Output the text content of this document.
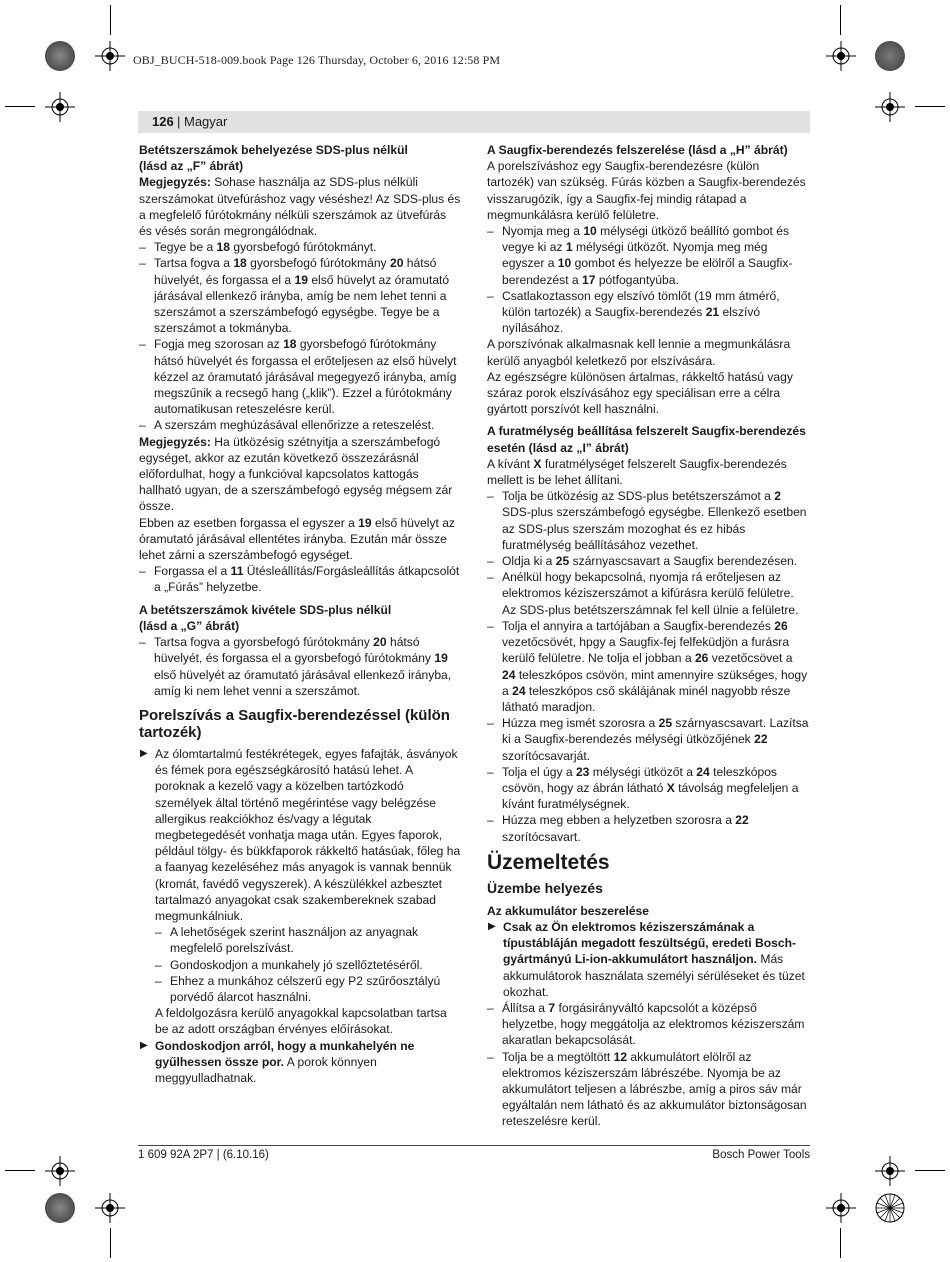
OBJ_BUCH-518-009.book Page 126 Thursday, October 6, 2016 12:58 PM
126 | Magyar

Betétszerszámok behelyezése SDS-plus nélkül
(lásd az „F” ábrát)

Megjegyzés: Sohase használja az SDS-plus nélküli szerszámokat ütvefúráshoz vagy véséshez! Az SDS-plus és a megfelelő fúrótokmány nélküli szerszámok az ütvefúrás és vésés során megrongálódnak.

– Tegye be a 18 gyorsbefogó fúrótokmányt.
– Tartsa fogva a 18 gyorsbefogó fúrótokmány 20 hátsó hüvelyét, és forgassa el a 19 első hüvelyt az óramutató járásával ellenkező irányba, amíg be nem lehet tenni a szerszámot a szerszámbefogó egységbe. Tegye be a szerszámot a tokmányba.
– Fogja meg szorosan az 18 gyorsbefogó fúrótokmány hátsó hüvelyét és forgassa el erőteljesen az első hüvelyt kézzel az óramutató járásával megegyező irányba, amíg megszűnik a recsegő hang („klik”). Ezzel a fúrótokmány automatikusan reteszelésre kerül.
– A szerszám meghúzásával ellenőrizze a reteszelést.

Megjegyzés: Ha ütközésig szétnyitja a szerszámbefogó egységet, akkor az ezután következő összezárásnál előfordulhat, hogy a funkcióval kapcsolatos kattogás hallható ugyan, de a szerszámbefogó egység mégsem zár össze.

Ebben az esetben forgassa el egyszer a 19 első hüvelyt az óramutató járásával ellentétes irányba. Ezután már össze lehet zárni a szerszámbefogó egységet.

– Forgassa el a 11 Ütésleállítás/Forgásleállítás átkapcsolót a „Fúrás” helyzetbe.

A betétszerszámok kivétele SDS-plus nélkül
(lásd a „G” ábrát)

– Tartsa fogva a gyorsbefogó fúrótokmány 20 hátsó hüvelyét, és forgassa el a gyorsbefogó fúrótokmány 19 első hüvelyét az óramutató járásával ellenkező irányba, amíg ki nem lehet venni a szerszámot.

Porelszívás a Saugfix-berendezéssel (külön tartozék)

▶ Az ólomtartalmú festékrétegek, egyes fafajták, ásványok és fémek pora egészségkárosító hatású lehet. A poroknak a kezelő vagy a közelben tartózkodó személyek által történő megérintése vagy belégzése allergikus reakciókhoz és/vagy a légutak megbetegedését vonhatja maga után. Egyes faporok, például tölgy- és bükkfaporok rákkeltő hatásúak, főleg ha a faanyag kezeléséhez más anyagok is vannak bennük (kromát, favédő vegyszerek). A készülékkel azbesztet tartalmazó anyagokat csak szakembereknek szabad megmunkálniuk.

– A lehetőségek szerint használjon az anyagnak megfelelő porelszívást.
– Gondoskodjon a munkahely jó szellőztetéséről.
– Ehhez a munkához célszerű egy P2 szűrőosztályú porvédő álarcot használni.

A feldolgozásra kerülő anyagokkal kapcsolatban tartsa be az adott országban érvényes előírásokat.

▶ Gondoskodjon arról, hogy a munkahelyén ne gyűlhessen össze por. A porok könnyen meggyulladhatnak.

A Saugfix-berendezés felszerelése (lásd a „H” ábrát)

A porelszíváshoz egy Saugfix-berendezésre (külön tartozék) van szükség. Fúrás közben a Saugfix-berendezés visszarugózik, így a Saugfix-fej mindig rátapad a megmunkálásra kerülő felületre.

– Nyomja meg a 10 mélységi ütköző beállító gombot és vegye ki az 1 mélységi ütközőt. Nyomja meg még egyszer a 10 gombot és helyezze be elölről a Saugfix-berendezést a 17 pótfogantyúba.
– Csatlakoztasson egy elszívó tömlőt (19 mm átmérő, külön tartozék) a Saugfix-berendezés 21 elszívó nyílásához.

A porszívónak alkalmasnak kell lennie a megmunkálásra kerülő anyagból keletkező por elszívására.

Az egészségre különösen ártalmas, rákkeltő hatású vagy száraz porok elszívásához egy speciálisan erre a célra gyártott porszívót kell használni.

A furatmélység beállítása felszerelt Saugfix-berendezés
esetén (lásd az „I” ábrát)

A kívánt X furatmélységet felszerelt Saugfix-berendezés mellett is be lehet állítani.

– Tolja be ütközésig az SDS-plus betétszerszámot a 2 SDS-plus szerszámbefogó egységbe. Ellenkező esetben az SDS-plus szerszám mozoghat és ez hibás furatmélység beállításához vezethet.
– Oldja ki a 25 szárnyascsavart a Saugfix berendezésen.
– Anélkül hogy bekapcsolná, nyomja rá erőteljesen az elektromos kéziszerszámot a kifúrásra kerülő felületre. Az SDS-plus betétszerszámnak fel kell ülnie a felületre.
– Tolja el annyira a tartójában a Saugfix-berendezés 26 vezetőcsövét, hpgy a Saugfix-fej felfeküdjön a furásra kerülő felületre. Ne tolja el jobban a 26 vezetőcsövet a 24 teleszkópos csövön, mint amennyire szükséges, hogy a 24 teleszkópos cső skálájának minél nagyobb része látható maradjon.
– Húzza meg ismét szorosra a 25 szárnyascsavart. Lazítsa ki a Saugfix-berendezés mélységi ütközőjének 22 szorítócsavarját.
– Tolja el úgy a 23 mélységi ütközőt a 24 teleszkópos csövön, hogy az ábrán látható X távolság megfeleljen a kívánt furatmélységnek.
– Húzza meg ebben a helyzetben szorosra a 22 szorítócsavart.

Üzemeltetés

Üzembe helyezés

Az akkumulátor beszerelése

▶ Csak az Ön elektromos kéziszerszámának a típustábláján megadott feszültségű, eredeti Bosch-gyártmányú Li-ion-akkumulátort használjon. Más akkumulátorok használata személyi sérüléseket és tüzet okozhat.

– Állítsa a 7 forgásirányváltó kapcsolót a középső helyzetbe, hogy meggátolja az elektromos kéziszerszám akaratlan bekapcsolását.
– Tolja be a megtöltött 12 akkumulátort elölről az elektromos kéziszerszám lábrészébe. Nyomja be az akkumulátort teljesen a lábrészbe, amíg a piros sáv már egyáltalán nem látható és az akkumulátor biztonságosan reteszelésre kerül.
1 609 92A 2P7 | (6.10.16)	Bosch Power Tools
